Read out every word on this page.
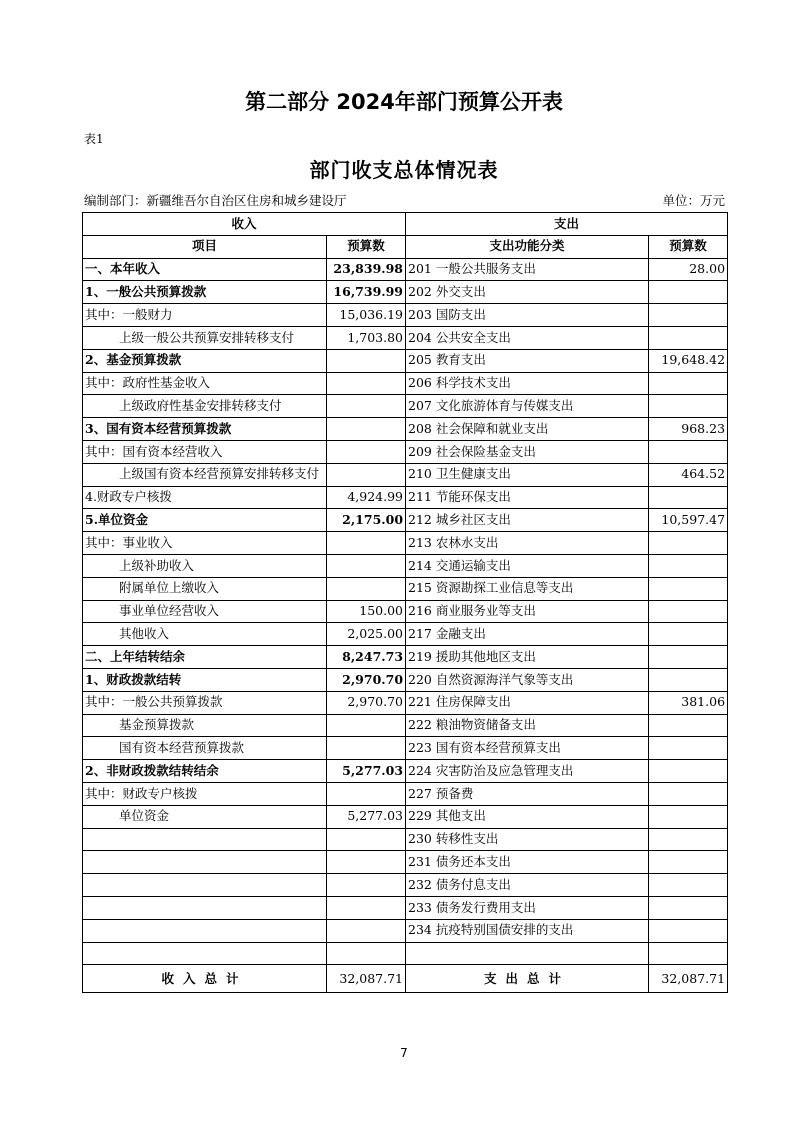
第二部分 2024年部门预算公开表
表1
部门收支总体情况表
编制部门：新疆维吾尔自治区住房和城乡建设厅	单位：万元
收入		支出	
项目	预算数	支出功能分类	预算数
一、本年收入	23,839.98	201 一般公共服务支出	28.00
1、一般公共预算拨款	16,739.99	202 外交支出	
其中：一般财力	15,036.19	203 国防支出	
上级一般公共预算安排转移支付	1,703.80	204 公共安全支出	
2、基金预算拨款		205 教育支出	19,648.42
其中：政府性基金收入		206 科学技术支出	
上级政府性基金安排转移支付		207 文化旅游体育与传媒支出	
3、国有资本经营预算拨款		208 社会保障和就业支出	968.23
其中：国有资本经营收入		209 社会保险基金支出	
上级国有资本经营预算安排转移支付		210 卫生健康支出	464.52
4.财政专户核拨	4,924.99	211 节能环保支出	
5.单位资金	2,175.00	212 城乡社区支出	10,597.47
其中：事业收入		213 农林水支出	
上级补助收入		214 交通运输支出	
附属单位上缴收入		215 资源勘探工业信息等支出	
事业单位经营收入	150.00	216 商业服务业等支出	
其他收入	2,025.00	217 金融支出	
二、上年结转结余	8,247.73	219 援助其他地区支出	
1、财政拨款结转	2,970.70	220 自然资源海洋气象等支出	
其中：一般公共预算拨款	2,970.70	221 住房保障支出	381.06
基金预算拨款		222 粮油物资储备支出	
国有资本经营预算拨款		223 国有资本经营预算支出	
2、非财政拨款结转结余	5,277.03	224 灾害防治及应急管理支出	
其中：财政专户核拨		227 预备费	
单位资金	5,277.03	229 其他支出	
		230 转移性支出	
		231 债务还本支出	
		232 债务付息支出	
		233 债务发行费用支出	
		234 抗疫特别国债安排的支出	

收入总计	32,087.71	支出总计	32,087.71
7
